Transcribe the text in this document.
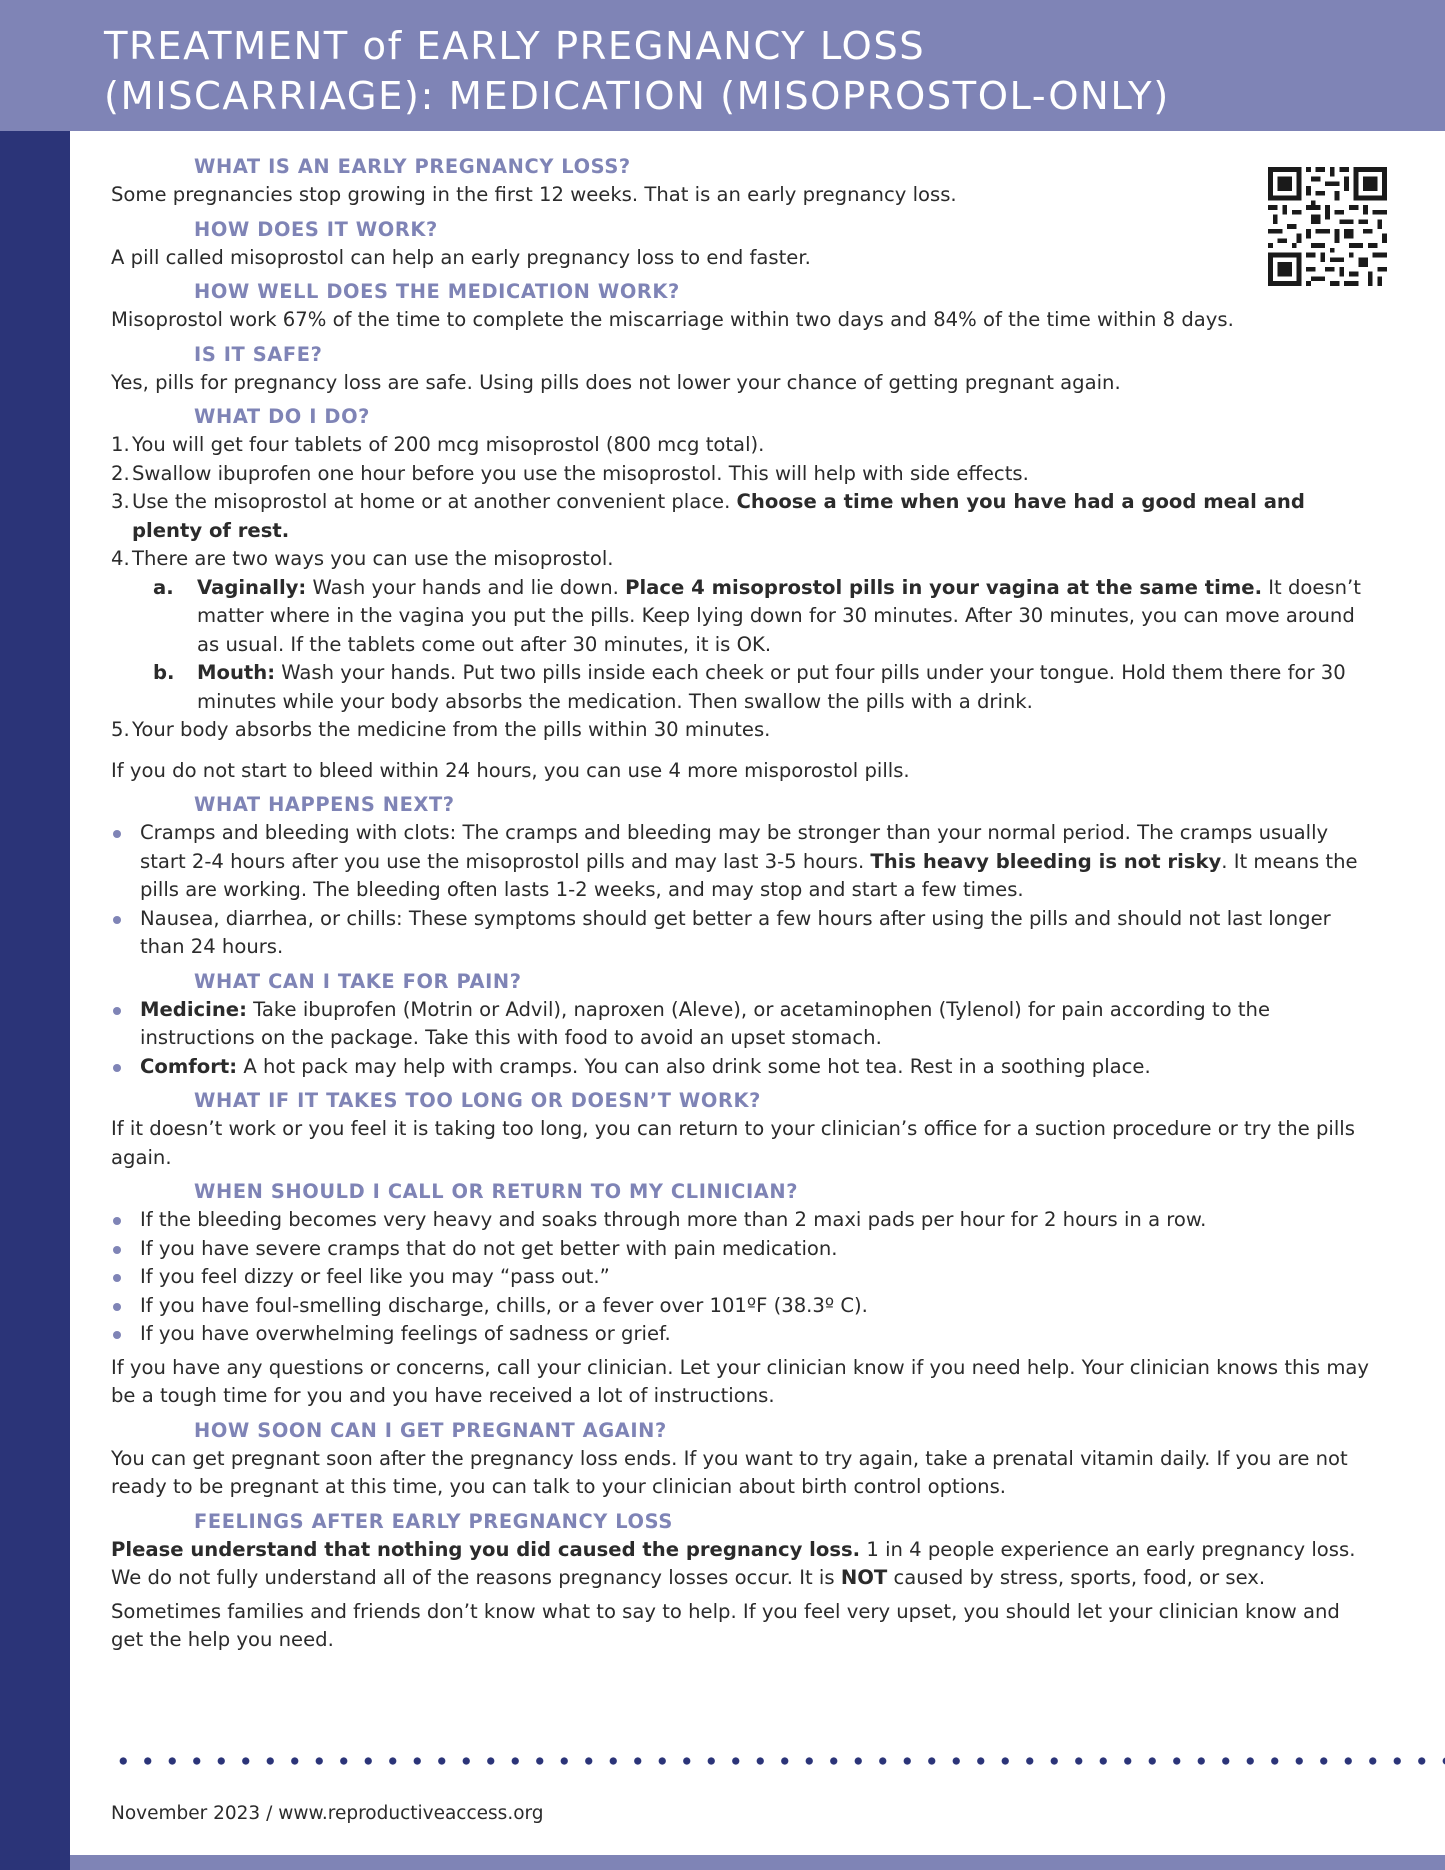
TREATMENT of EARLY PREGNANCY LOSS
(MISCARRIAGE): MEDICATION (MISOPROSTOL-ONLY)

WHAT IS AN EARLY PREGNANCY LOSS?

Some pregnancies stop growing in the first 12 weeks. That is an early pregnancy loss.

HOW DOES IT WORK?

A pill called misoprostol can help an early pregnancy loss to end faster.

HOW WELL DOES THE MEDICATION WORK?

Misoprostol work 67% of the time to complete the miscarriage within two days and 84% of the time within 8 days.

IS IT SAFE?

Yes, pills for pregnancy loss are safe. Using pills does not lower your chance of getting pregnant again.

WHAT DO I DO?

1. You will get four tablets of 200 mcg misoprostol (800 mcg total).
2. Swallow ibuprofen one hour before you use the misoprostol. This will help with side effects.
3. Use the misoprostol at home or at another convenient place. Choose a time when you have had a good meal and plenty of rest.
4. There are two ways you can use the misoprostol.
a. Vaginally: Wash your hands and lie down. Place 4 misoprostol pills in your vagina at the same time. It doesn’t matter where in the vagina you put the pills. Keep lying down for 30 minutes. After 30 minutes, you can move around as usual. If the tablets come out after 30 minutes, it is OK.
b. Mouth: Wash your hands. Put two pills inside each cheek or put four pills under your tongue. Hold them there for 30 minutes while your body absorbs the medication. Then swallow the pills with a drink.
5. Your body absorbs the medicine from the pills within 30 minutes.

If you do not start to bleed within 24 hours, you can use 4 more misporostol pills.

WHAT HAPPENS NEXT?

Cramps and bleeding with clots: The cramps and bleeding may be stronger than your normal period. The cramps usually start 2-4 hours after you use the misoprostol pills and may last 3-5 hours. This heavy bleeding is not risky. It means the pills are working. The bleeding often lasts 1-2 weeks, and may stop and start a few times.
Nausea, diarrhea, or chills: These symptoms should get better a few hours after using the pills and should not last longer than 24 hours.

WHAT CAN I TAKE FOR PAIN?

Medicine: Take ibuprofen (Motrin or Advil), naproxen (Aleve), or acetaminophen (Tylenol) for pain according to the instructions on the package. Take this with food to avoid an upset stomach.
Comfort: A hot pack may help with cramps. You can also drink some hot tea. Rest in a soothing place.

WHAT IF IT TAKES TOO LONG OR DOESN’T WORK?

If it doesn’t work or you feel it is taking too long, you can return to your clinician’s office for a suction procedure or try the pills again.

WHEN SHOULD I CALL OR RETURN TO MY CLINICIAN?

If the bleeding becomes very heavy and soaks through more than 2 maxi pads per hour for 2 hours in a row.
If you have severe cramps that do not get better with pain medication.
If you feel dizzy or feel like you may “pass out.”
If you have foul-smelling discharge, chills, or a fever over 101ºF (38.3º C).
If you have overwhelming feelings of sadness or grief.

If you have any questions or concerns, call your clinician. Let your clinician know if you need help. Your clinician knows this may be a tough time for you and you have received a lot of instructions.

HOW SOON CAN I GET PREGNANT AGAIN?

You can get pregnant soon after the pregnancy loss ends. If you want to try again, take a prenatal vitamin daily. If you are not ready to be pregnant at this time, you can talk to your clinician about birth control options.

FEELINGS AFTER EARLY PREGNANCY LOSS

Please understand that nothing you did caused the pregnancy loss. 1 in 4 people experience an early pregnancy loss. We do not fully understand all of the reasons pregnancy losses occur. It is NOT caused by stress, sports, food, or sex.

Sometimes families and friends don’t know what to say to help. If you feel very upset, you should let your clinician know and get the help you need.

November 2023 / www.reproductiveaccess.org
